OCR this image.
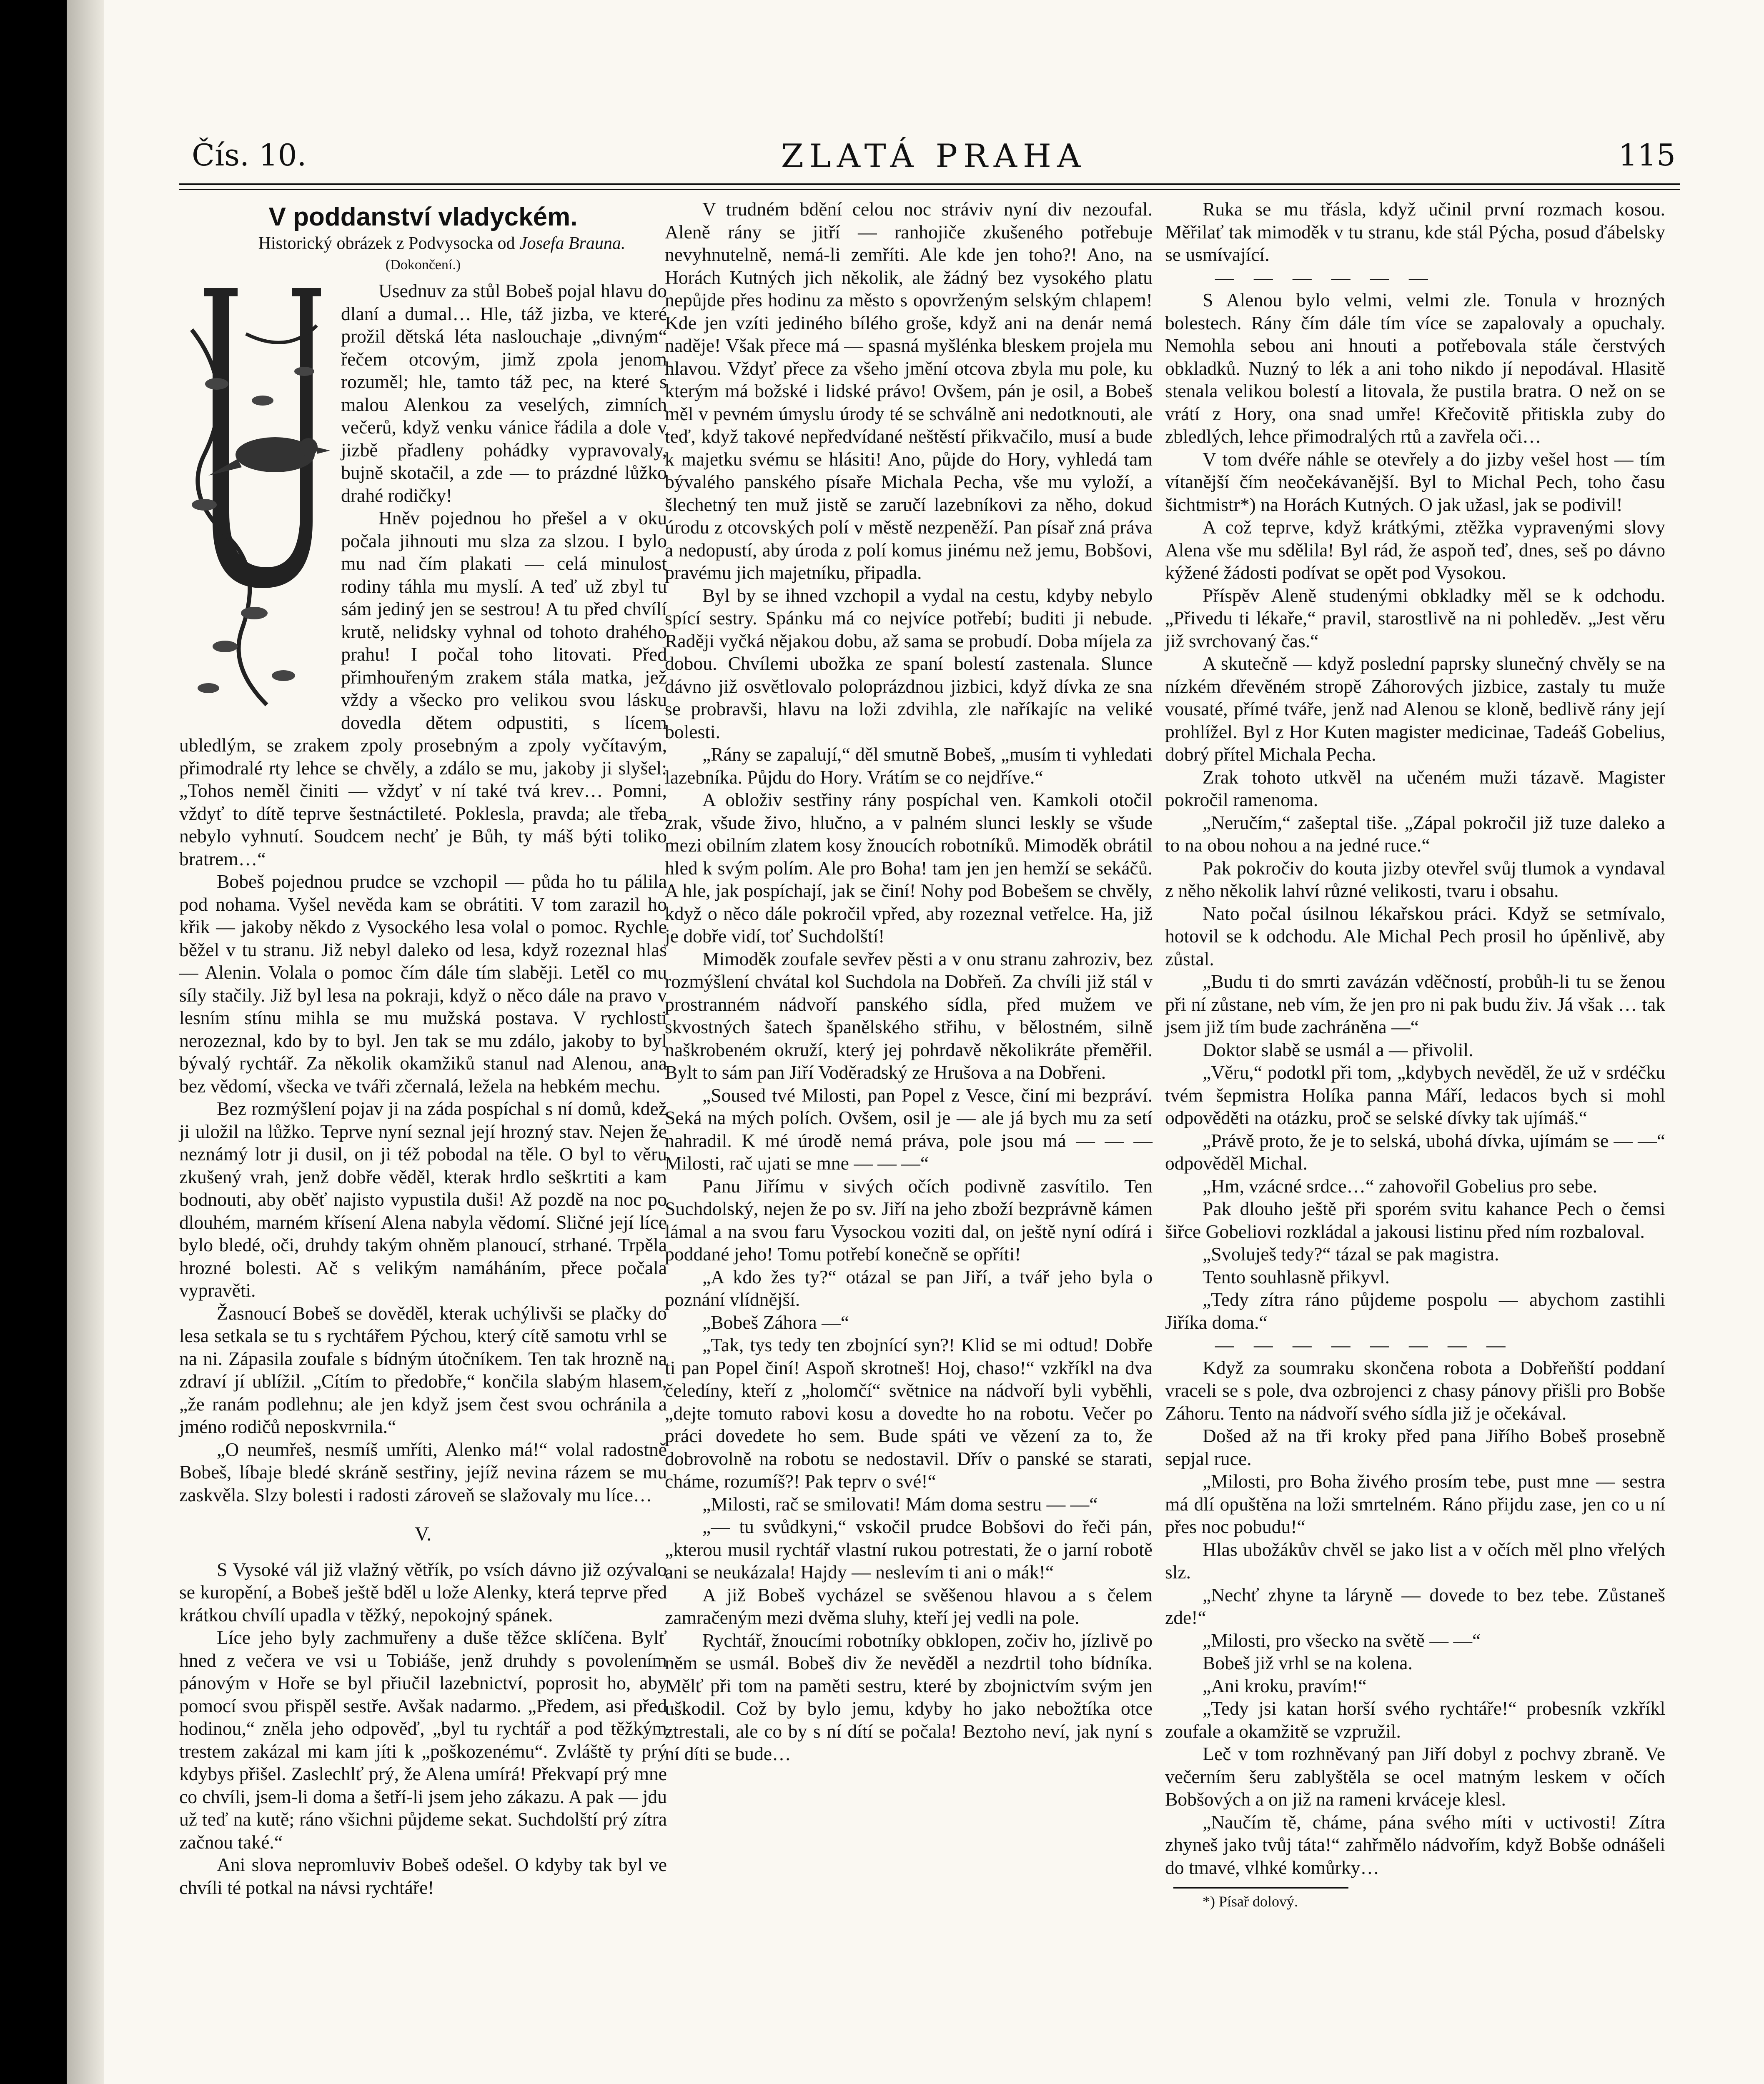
Čís. 10.	ZLATÁ PRAHA	115
V poddanství vladyckém.

Historický obrázek z Podvysocka od Josefa Brauna.

(Dokončení.)

Usednuv za stůl Bobeš pojal hlavu do dlaní a dumal… Hle, táž jizba, ve které prožil dětská léta naslouchaje „divným“ řečem otcovým, jimž zpola jenom rozuměl; hle, tamto táž pec, na které s malou Alenkou za veselých, zimních večerů, když venku vánice řádila a dole v jizbě přadleny pohádky vypravovaly, bujně skotačil, a zde — to prázdné lůžko drahé rodičky!

Hněv pojednou ho přešel a v oku počala jihnouti mu slza za slzou. I bylo mu nad čím plakati — celá minulost rodiny táhla mu myslí. A teď už zbyl tu sám jediný jen se sestrou! A tu před chvílí krutě, nelidsky vyhnal od tohoto drahého prahu! I počal toho litovati. Před přimhouřeným zrakem stála matka, jež vždy a všecko pro velikou svou lásku dovedla dětem odpustiti, s lícem ubledlým, se zrakem zpoly prosebným a zpoly vyčítavým, přimodralé rty lehce se chvěly, a zdálo se mu, jakoby ji slyšel: „Tohos neměl činiti — vždyť v ní také tvá krev… Pomni, vždyť to dítě teprve šestnáctileté. Poklesla, pravda; ale třeba nebylo vyhnutí. Soudcem nechť je Bůh, ty máš býti toliko bratrem…“

Bobeš pojednou prudce se vzchopil — půda ho tu pálila pod nohama. Vyšel nevěda kam se obrátiti. V tom zarazil ho křik — jakoby někdo z Vysockého lesa volal o pomoc. Rychle běžel v tu stranu. Již nebyl daleko od lesa, když rozeznal hlas — Alenin. Volala o pomoc čím dále tím slaběji. Letěl co mu síly stačily. Již byl lesa na pokraji, když o něco dále na pravo v lesním stínu mihla se mu mužská postava. V rychlosti nerozeznal, kdo by to byl. Jen tak se mu zdálo, jakoby to byl bývalý rychtář. Za několik okamžiků stanul nad Alenou, ana bez vědomí, všecka ve tváři zčernalá, ležela na hebkém mechu.

Bez rozmýšlení pojav ji na záda pospíchal s ní domů, kdež ji uložil na lůžko. Teprve nyní seznal její hrozný stav. Nejen že neznámý lotr ji dusil, on ji též pobodal na těle. O byl to věru zkušený vrah, jenž dobře věděl, kterak hrdlo seškrtiti a kam bodnouti, aby oběť najisto vypustila duši! Až pozdě na noc po dlouhém, marném křísení Alena nabyla vědomí. Sličné její líce bylo bledé, oči, druhdy takým ohněm planoucí, strhané. Trpěla hrozné bolesti. Ač s velikým namáháním, přece počala vypravěti.

Žasnoucí Bobeš se dověděl, kterak uchýlivši se plačky do lesa setkala se tu s rychtářem Pýchou, který cítě samotu vrhl se na ni. Zápasila zoufale s bídným útočníkem. Ten tak hrozně na zdraví jí ublížil. „Cítím to předobře,“ končila slabým hlasem, „že ranám podlehnu; ale jen když jsem čest svou ochránila a jméno rodičů neposkvrnila.“

„O neumřeš, nesmíš umříti, Alenko má!“ volal radostně Bobeš, líbaje bledé skráně sestřiny, jejíž nevina rázem se mu zaskvěla. Slzy bolesti i radosti zároveň se slažovaly mu líce…

V.

S Vysoké vál již vlažný větřík, po vsích dávno již ozývalo se kuropění, a Bobeš ještě bděl u lože Alenky, která teprve před krátkou chvílí upadla v těžký, nepokojný spánek.

Líce jeho byly zachmuřeny a duše těžce sklíčena. Bylť hned z večera ve vsi u Tobiáše, jenž druhdy s povolením pánovým v Hoře se byl přiučil lazebnictví, poprosit ho, aby pomocí svou přispěl sestře. Avšak nadarmo. „Předem, asi před hodinou,“ zněla jeho odpověď, „byl tu rychtář a pod těžkým trestem zakázal mi kam jíti k „poškozenému“. Zvláště ty prý kdybys přišel. Zaslechlť prý, že Alena umírá! Překvapí prý mne co chvíli, jsem-li doma a šetří-li jsem jeho zákazu. A pak — jdu už teď na kutě; ráno všichni půjdeme sekat. Suchdolští prý zítra začnou také.“

Ani slova nepromluviv Bobeš odešel. O kdyby tak byl ve chvíli té potkal na návsi rychtáře!

V trudném bdění celou noc stráviv nyní div nezoufal. Aleně rány se jitří — ranhojiče zkušeného potřebuje nevyhnutelně, nemá-li zemříti. Ale kde jen toho?! Ano, na Horách Kutných jich několik, ale žádný bez vysokého platu nepůjde přes hodinu za město s opovrženým selským chlapem! Kde jen vzíti jediného bílého groše, když ani na denár nemá naděje! Však přece má — spasná myšlénka bleskem projela mu hlavou. Vždyť přece za všeho jmění otcova zbyla mu pole, ku kterým má božské i lidské právo! Ovšem, pán je osil, a Bobeš měl v pevném úmyslu úrody té se schválně ani nedotknouti, ale teď, když takové nepředvídané neštěstí přikvačilo, musí a bude k majetku svému se hlásiti! Ano, půjde do Hory, vyhledá tam bývalého panského písaře Michala Pecha, vše mu vyloží, a šlechetný ten muž jistě se zaručí lazebníkovi za něho, dokud úrodu z otcovských polí v městě nezpeněží. Pan písař zná práva a nedopustí, aby úroda z polí komus jinému než jemu, Bobšovi, pravému jich majetníku, připadla.

Byl by se ihned vzchopil a vydal na cestu, kdyby nebylo spící sestry. Spánku má co nejvíce potřebí; buditi ji nebude. Raději vyčká nějakou dobu, až sama se probudí. Doba míjela za dobou. Chvílemi ubožka ze spaní bolestí zastenala. Slunce dávno již osvětlovalo poloprázdnou jizbici, když dívka ze sna se probravši, hlavu na loži zdvihla, zle naříkajíc na veliké bolesti.

„Rány se zapalují,“ děl smutně Bobeš, „musím ti vyhledati lazebníka. Půjdu do Hory. Vrátím se co nejdříve.“

A obloživ sestřiny rány pospíchal ven. Kamkoli otočil zrak, všude živo, hlučno, a v palném slunci leskly se všude mezi obilním zlatem kosy žnoucích robotníků. Mimoděk obrátil hled k svým polím. Ale pro Boha! tam jen jen hemží se sekáčů. A hle, jak pospíchají, jak se činí! Nohy pod Bobešem se chvěly, když o něco dále pokročil vpřed, aby rozeznal vetřelce. Ha, již je dobře vidí, toť Suchdolští!

Mimoděk zoufale sevřev pěsti a v onu stranu zahroziv, bez rozmýšlení chvátal kol Suchdola na Dobřeň. Za chvíli již stál v prostranném nádvoří panského sídla, před mužem ve skvostných šatech španělského střihu, v bělostném, silně naškrobeném okruží, který jej pohrdavě několikráte přeměřil. Bylt to sám pan Jiří Voděradský ze Hrušova a na Dobřeni.

„Soused tvé Milosti, pan Popel z Vesce, činí mi bezpráví. Seká na mých polích. Ovšem, osil je — ale já bych mu za setí nahradil. K mé úrodě nemá práva, pole jsou má — — — Milosti, rač ujati se mne — — —“

Panu Jiřímu v sivých očích podivně zasvítilo. Ten Suchdolský, nejen že po sv. Jiří na jeho zboží bezprávně kámen lámal a na svou faru Vysockou voziti dal, on ještě nyní odírá i poddané jeho! Tomu potřebí konečně se opříti!

„A kdo žes ty?“ otázal se pan Jiří, a tvář jeho byla o poznání vlídnější.

„Bobeš Záhora —“

„Tak, tys tedy ten zbojnící syn?! Klid se mi odtud! Dobře ti pan Popel činí! Aspoň skrotneš! Hoj, chaso!“ vzkříkl na dva čeledíny, kteří z „holomčí“ světnice na nádvoří byli vyběhli, „dejte tomuto rabovi kosu a dovedte ho na robotu. Večer po práci dovedete ho sem. Bude spáti ve vězení za to, že dobrovolně na robotu se nedostavil. Dřív o panské se starati, cháme, rozumíš?! Pak teprv o své!“

„Milosti, rač se smilovati! Mám doma sestru — —“

„— tu svůdkyni,“ vskočil prudce Bobšovi do řeči pán, „kterou musil rychtář vlastní rukou potrestati, že o jarní robotě ani se neukázala! Hajdy — neslevím ti ani o mák!“

A již Bobeš vycházel se svěšenou hlavou a s čelem zamračeným mezi dvěma sluhy, kteří jej vedli na pole.

Rychtář, žnoucími robotníky obklopen, zočiv ho, jízlivě po něm se usmál. Bobeš div že nevěděl a nezdrtil toho bídníka. Mělť při tom na paměti sestru, které by zbojnictvím svým jen uškodil. Což by bylo jemu, kdyby ho jako nebožtíka otce ztrestali, ale co by s ní dítí se počala! Beztoho neví, jak nyní s ní díti se bude…

Ruka se mu třásla, když učinil první rozmach kosou. Měřilať tak mimoděk v tu stranu, kde stál Pýcha, posud ďábelsky se usmívající.

— — — — — —

S Alenou bylo velmi, velmi zle. Tonula v hrozných bolestech. Rány čím dále tím více se zapalovaly a opuchaly. Nemohla sebou ani hnouti a potřebovala stále čerstvých obkladků. Nuzný to lék a ani toho nikdo jí nepodával. Hlasitě stenala velikou bolestí a litovala, že pustila bratra. O než on se vrátí z Hory, ona snad umře! Křečovitě přitiskla zuby do zbledlých, lehce přimodralých rtů a zavřela oči…

V tom dvéře náhle se otevřely a do jizby vešel host — tím vítanější čím neočekávanější. Byl to Michal Pech, toho času šichtmistr*) na Horách Kutných. O jak užasl, jak se podivil!

A což teprve, když krátkými, ztěžka vypravenými slovy Alena vše mu sdělila! Byl rád, že aspoň teď, dnes, seš po dávno kýžené žádosti podívat se opět pod Vysokou.

Příspěv Aleně studenými obkladky měl se k odchodu. „Přivedu ti lékaře,“ pravil, starostlivě na ni pohleděv. „Jest věru již svrchovaný čas.“

A skutečně — když poslední paprsky slunečný chvěly se na nízkém dřevěném stropě Záhorových jizbice, zastaly tu muže vousaté, přímé tváře, jenž nad Alenou se kloně, bedlivě rány její prohlížel. Byl z Hor Kuten magister medicinae, Tadeáš Gobelius, dobrý přítel Michala Pecha.

Zrak tohoto utkvěl na učeném muži tázavě. Magister pokročil ramenoma.

„Neručím,“ zašeptal tiše. „Zápal pokročil již tuze daleko a to na obou nohou a na jedné ruce.“

Pak pokročiv do kouta jizby otevřel svůj tlumok a vyndaval z něho několik lahví různé velikosti, tvaru i obsahu.

Nato počal úsilnou lékařskou práci. Když se setmívalo, hotovil se k odchodu. Ale Michal Pech prosil ho úpěnlivě, aby zůstal.

„Budu ti do smrti zavázán vděčností, probůh-li tu se ženou při ní zůstane, neb vím, že jen pro ni pak budu živ. Já však … tak jsem již tím bude zachráněna —“

Doktor slabě se usmál a — přivolil.

„Věru,“ podotkl při tom, „kdybych nevěděl, že už v srdéčku tvém šepmistra Holíka panna Máří, ledacos bych si mohl odpověděti na otázku, proč se selské dívky tak ujímáš.“

„Právě proto, že je to selská, ubohá dívka, ujímám se — —“ odpověděl Michal.

„Hm, vzácné srdce…“ zahovořil Gobelius pro sebe.

Pak dlouho ještě při sporém svitu kahance Pech o čemsi šiřce Gobeliovi rozkládal a jakousi listinu před ním rozbaloval.

„Svoluješ tedy?“ tázal se pak magistra.

Tento souhlasně přikyvl.

„Tedy zítra ráno půjdeme pospolu — abychom zastihli Jiříka doma.“

— — — — — — — —

Když za soumraku skončena robota a Dobřeňští poddaní vraceli se s pole, dva ozbrojenci z chasy pánovy přišli pro Bobše Záhoru. Tento na nádvoří svého sídla již je očekával.

Došed až na tři kroky před pana Jiřího Bobeš prosebně sepjal ruce.

„Milosti, pro Boha živého prosím tebe, pust mne — sestra má dlí opuštěna na loži smrtelném. Ráno přijdu zase, jen co u ní přes noc pobudu!“

Hlas ubožákův chvěl se jako list a v očích měl plno vřelých slz.

„Nechť zhyne ta láryně — dovede to bez tebe. Zůstaneš zde!“

„Milosti, pro všecko na světě — —“

Bobeš již vrhl se na kolena.

„Ani kroku, pravím!“

„Tedy jsi katan horší svého rychtáře!“ probesník vzkříkl zoufale a okamžitě se vzpružil.

Leč v tom rozhněvaný pan Jiří dobyl z pochvy zbraně. Ve večerním šeru zablyštěla se ocel matným leskem v očích Bobšových a on již na rameni krvácejе klesl.

„Naučím tě, cháme, pána svého míti v uctivosti! Zítra zhyneš jako tvůj táta!“ zahřmělo nádvořím, když Bobše odnášeli do tmavé, vlhké komůrky…

*) Písař dolový.
